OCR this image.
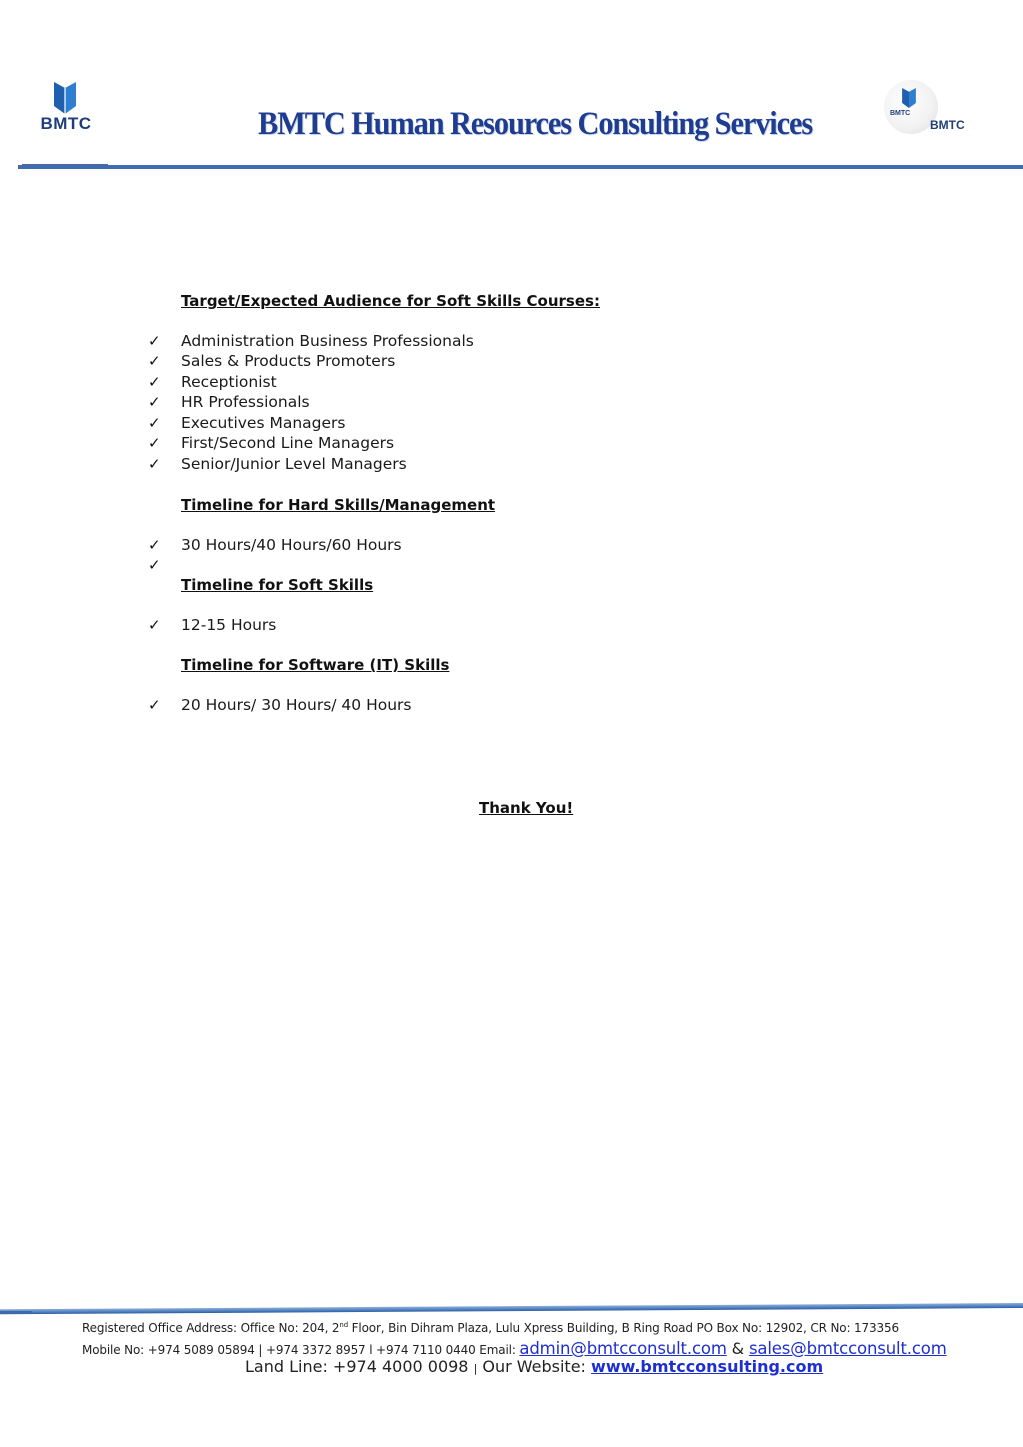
BMTC
	BMTC Human Resources Consulting Services	BMTC
BMTC
Target/Expected Audience for Soft Skills Courses:
✓ Administration Business Professionals
✓ Sales & Products Promoters
✓ Receptionist
✓ HR Professionals
✓ Executives Managers
✓ First/Second Line Managers
✓ Senior/Junior Level Managers
Timeline for Hard Skills/Management
✓ 30 Hours/40 Hours/60 Hours
✓
Timeline for Soft Skills
✓ 12-15 Hours
Timeline for Software (IT) Skills
✓ 20 Hours/ 30 Hours/ 40 Hours
Thank You!
Registered Office Address: Office No: 204, 2nd Floor, Bin Dihram Plaza, Lulu Xpress Building, B Ring Road PO Box No: 12902, CR No: 173356
Mobile No: +974 5089 05894 | +974 3372 8957 l +974 7110 0440 Email: admin@bmtcconsult.com & sales@bmtcconsult.com
Land Line: +974 4000 0098 | Our Website: www.bmtcconsulting.com
